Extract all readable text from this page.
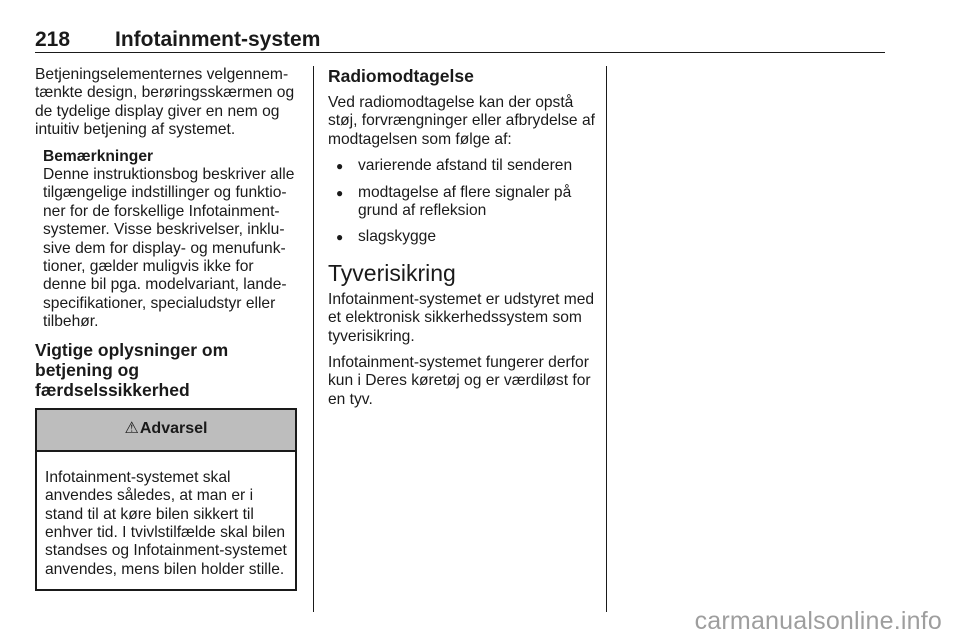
218 Infotainment-system

Betjeningselementernes velgennemtænkte design, berøringsskærmen og de tydelige display giver en nem og intuitiv betjening af systemet.

Bemærkninger
Denne instruktionsbog beskriver alle tilgængelige indstillinger og funktioner for de forskellige Infotainment-systemer. Visse beskrivelser, inklusive dem for display- og menufunktioner, gælder muligvis ikke for denne bil pga. modelvariant, landespecifikationer, specialudstyr eller tilbehør.
Vigtige oplysninger om betjening og færdselssikkerhed
⚠ Advarsel
Infotainment-systemet skal anvendes således, at man er i stand til at køre bilen sikkert til enhver tid. I tvivlstilfælde skal bilen standses og Infotainment-systemet anvendes, mens bilen holder stille.
Radiomodtagelse

Ved radiomodtagelse kan der opstå støj, forvrængninger eller afbrydelse af modtagelsen som følge af:

● varierende afstand til senderen
● modtagelse af flere signaler på grund af refleksion
● slagskygge
Tyverisikring

Infotainment-systemet er udstyret med et elektronisk sikkerhedssystem som tyverisikring.

Infotainment-systemet fungerer derfor kun i Deres køretøj og er værdiløst for en tyv.

carmanualsonline.info
